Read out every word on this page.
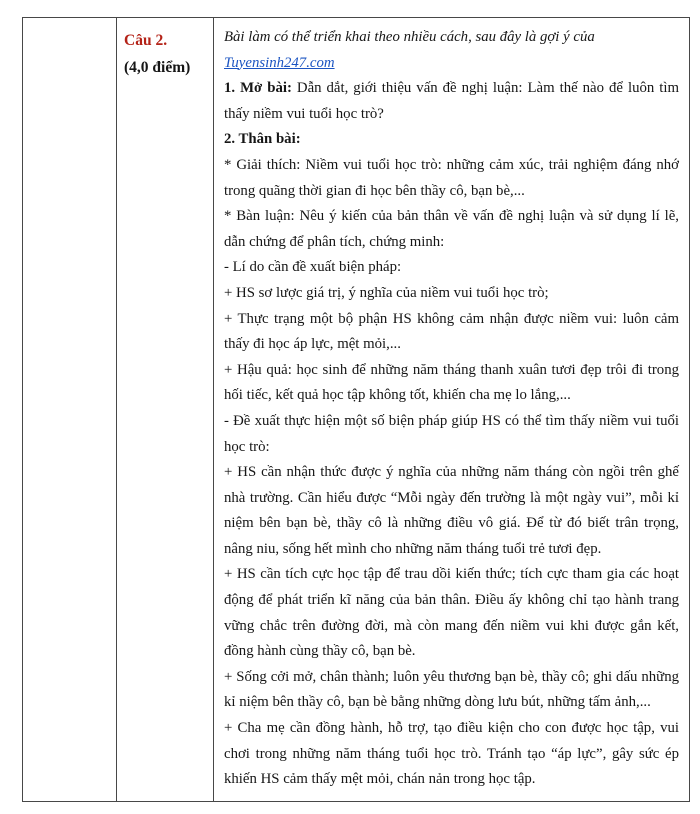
Câu 2.

(4,0 điểm)

Bài làm có thể triển khai theo nhiều cách, sau đây là gợi ý của

Tuyensinh247.com

1. Mở bài: Dẫn dắt, giới thiệu vấn đề nghị luận: Làm thế nào để luôn tìm thấy niềm vui tuổi học trò?

2. Thân bài:

* Giải thích: Niềm vui tuổi học trò: những cảm xúc, trải nghiệm đáng nhớ trong quãng thời gian đi học bên thầy cô, bạn bè,...

* Bàn luận: Nêu ý kiến của bản thân về vấn đề nghị luận và sử dụng lí lẽ, dẫn chứng để phân tích, chứng minh:

- Lí do cần đề xuất biện pháp:

+ HS sơ lược giá trị, ý nghĩa của niềm vui tuổi học trò;

+ Thực trạng một bộ phận HS không cảm nhận được niềm vui: luôn cảm thấy đi học áp lực, mệt mỏi,...

+ Hậu quả: học sinh để những năm tháng thanh xuân tươi đẹp trôi đi trong hối tiếc, kết quả học tập không tốt, khiến cha mẹ lo lắng,...

- Đề xuất thực hiện một số biện pháp giúp HS có thể tìm thấy niềm vui tuổi học trò:

+ HS cần nhận thức được ý nghĩa của những năm tháng còn ngồi trên ghế nhà trường. Cần hiểu được “Mỗi ngày đến trường là một ngày vui”, mỗi kỉ niệm bên bạn bè, thầy cô là những điều vô giá. Để từ đó biết trân trọng, nâng niu, sống hết mình cho những năm tháng tuổi trẻ tươi đẹp.

+ HS cần tích cực học tập để trau dồi kiến thức; tích cực tham gia các hoạt động để phát triển kĩ năng của bản thân. Điều ấy không chỉ tạo hành trang vững chắc trên đường đời, mà còn mang đến niềm vui khi được gắn kết, đồng hành cùng thầy cô, bạn bè.

+ Sống cởi mở, chân thành; luôn yêu thương bạn bè, thầy cô; ghi dấu những kỉ niệm bên thầy cô, bạn bè bằng những dòng lưu bút, những tấm ảnh,...

+ Cha mẹ cần đồng hành, hỗ trợ, tạo điều kiện cho con được học tập, vui chơi trong những năm tháng tuổi học trò. Tránh tạo “áp lực”, gây sức ép khiến HS cảm thấy mệt mỏi, chán nản trong học tập.
